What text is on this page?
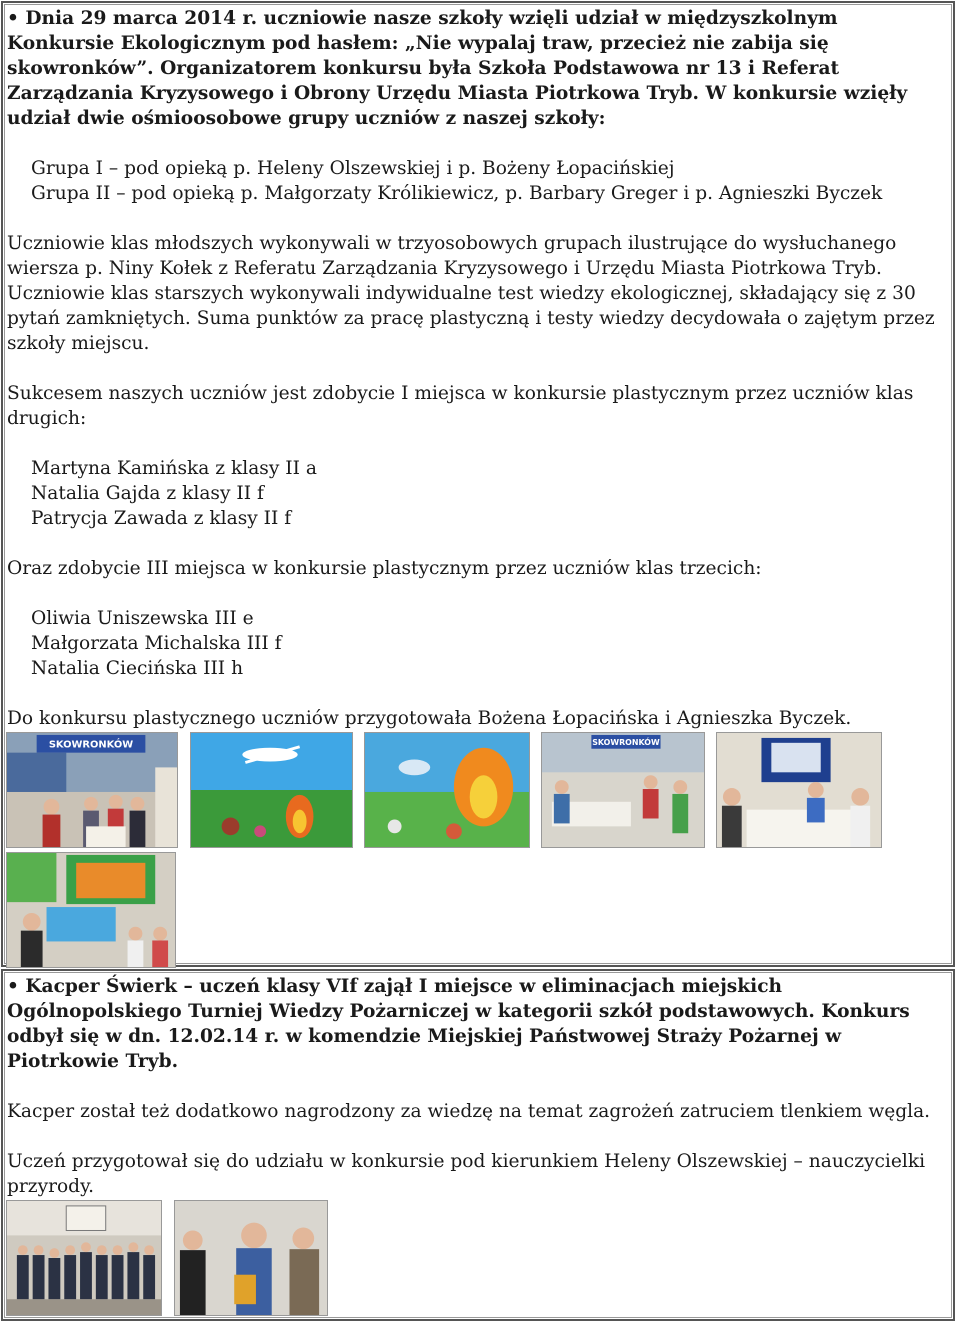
• Dnia 29 marca 2014 r. uczniowie nasze szkoły wzięli udział w międzyszkolnym
Konkursie Ekologicznym pod hasłem: „Nie wypalaj traw, przecież nie zabija się
skowronków”. Organizatorem konkursu była Szkoła Podstawowa nr 13 i Referat
Zarządzania Kryzysowego i Obrony Urzędu Miasta Piotrkowa Tryb. W konkursie wzięły
udział dwie ośmioosobowe grupy uczniów z naszej szkoły:
Grupa I – pod opieką p. Heleny Olszewskiej i p. Bożeny Łopacińskiej
Grupa II – pod opieką p. Małgorzaty Królikiewicz, p. Barbary Greger i p. Agnieszki Byczek
Uczniowie klas młodszych wykonywali w trzyosobowych grupach ilustrujące do wysłuchanego
wiersza p. Niny Kołek z Referatu Zarządzania Kryzysowego i Urzędu Miasta Piotrkowa Tryb.
Uczniowie klas starszych wykonywali indywidualne test wiedzy ekologicznej, składający się z 30
pytań zamkniętych. Suma punktów za pracę plastyczną i testy wiedzy decydowała o zajętym przez
szkoły miejscu.
Sukcesem naszych uczniów jest zdobycie I miejsca w konkursie plastycznym przez uczniów klas
drugich:
Martyna Kamińska z klasy II a
Natalia Gajda z klasy II f
Patrycja Zawada z klasy II f
Oraz zdobycie III miejsca w konkursie plastycznym przez uczniów klas trzecich:
Oliwia Uniszewska III e
Małgorzata Michalska III f
Natalia Ciecińska III h
Do konkursu plastycznego uczniów przygotowała Bożena Łopacińska i Agnieszka Byczek.
SKOWRONKÓW	SKOWRONKÓW
• Kacper Świerk – uczeń klasy VIf zajął I miejsce w eliminacjach miejskich
Ogólnopolskiego Turniej Wiedzy Pożarniczej w kategorii szkół podstawowych. Konkurs
odbył się w dn. 12.02.14 r. w komendzie Miejskiej Państwowej Straży Pożarnej w
Piotrkowie Tryb.
Kacper został też dodatkowo nagrodzony za wiedzę na temat zagrożeń zatruciem tlenkiem węgla.
Uczeń przygotował się do udziału w konkursie pod kierunkiem Heleny Olszewskiej – nauczycielki
przyrody.
